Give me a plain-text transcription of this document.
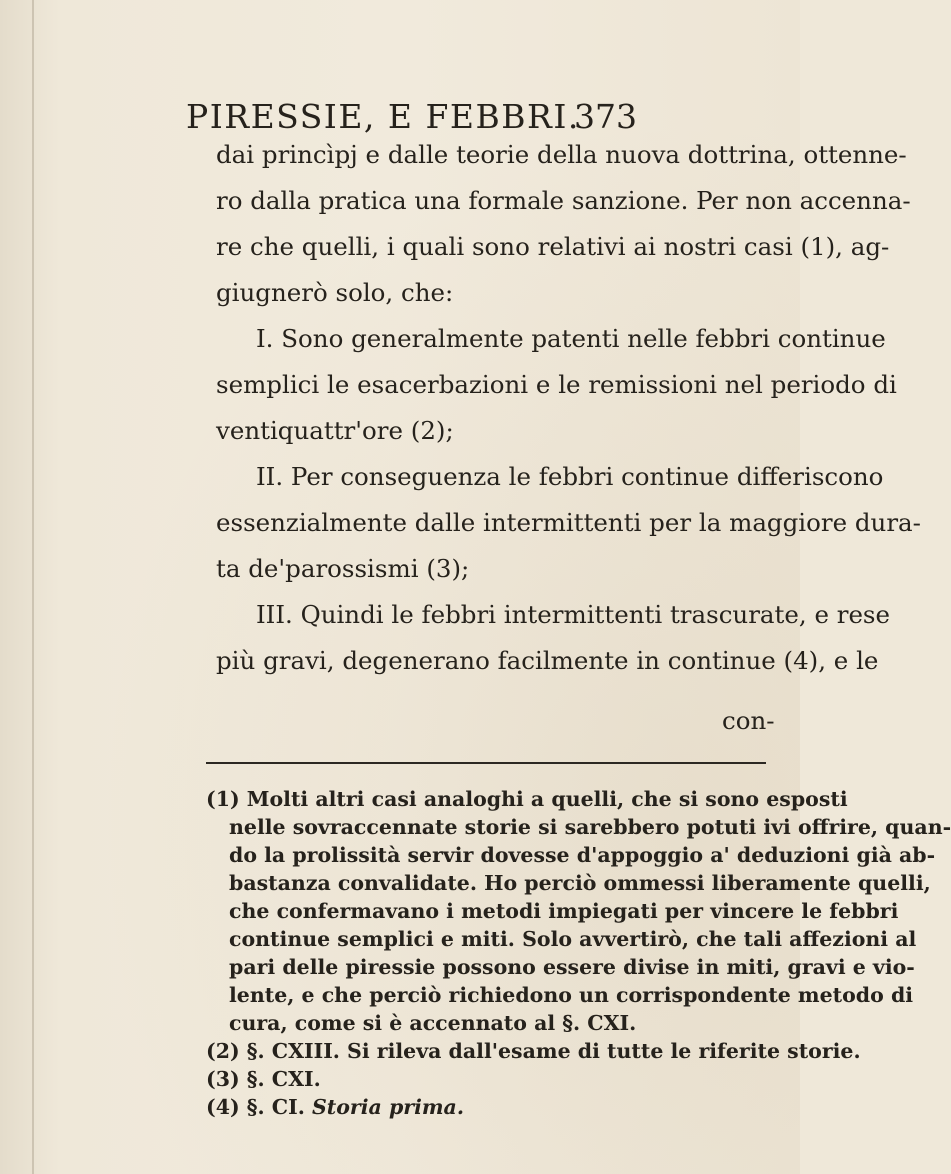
PIRESSIE, E FEBBRI.
373
dai princìpj e dalle teorie della nuova dottrina, ottenne-
ro dalla pratica una formale sanzione. Per non accenna-
re che quelli, i quali sono relativi ai nostri casi (1), ag-
giugnerò solo, che:
I. Sono generalmente patenti nelle febbri continue
semplici le esacerbazioni e le remissioni nel periodo di
ventiquattr'ore (2);
II. Per conseguenza le febbri continue differiscono
essenzialmente dalle intermittenti per la maggiore dura-
ta de'parossismi (3);
III. Quindi le febbri intermittenti trascurate, e rese
più gravi, degenerano facilmente in continue (4), e le
con-
(1) Molti altri casi analoghi a quelli, che si sono esposti
nelle sovraccennate storie si sarebbero potuti ivi offrire, quan-
do la prolissità servir dovesse d'appoggio a' deduzioni già ab-
bastanza convalidate. Ho perciò ommessi liberamente quelli,
che confermavano i metodi impiegati per vincere le febbri
continue semplici e miti. Solo avvertirò, che tali affezioni al
pari delle piressie possono essere divise in miti, gravi e vio-
lente, e che perciò richiedono un corrispondente metodo di
cura, come si è accennato al §. CXI.
(2) §. CXIII. Si rileva dall'esame di tutte le riferite storie.
(3) §. CXI.
(4) §. CI. Storia prima.
